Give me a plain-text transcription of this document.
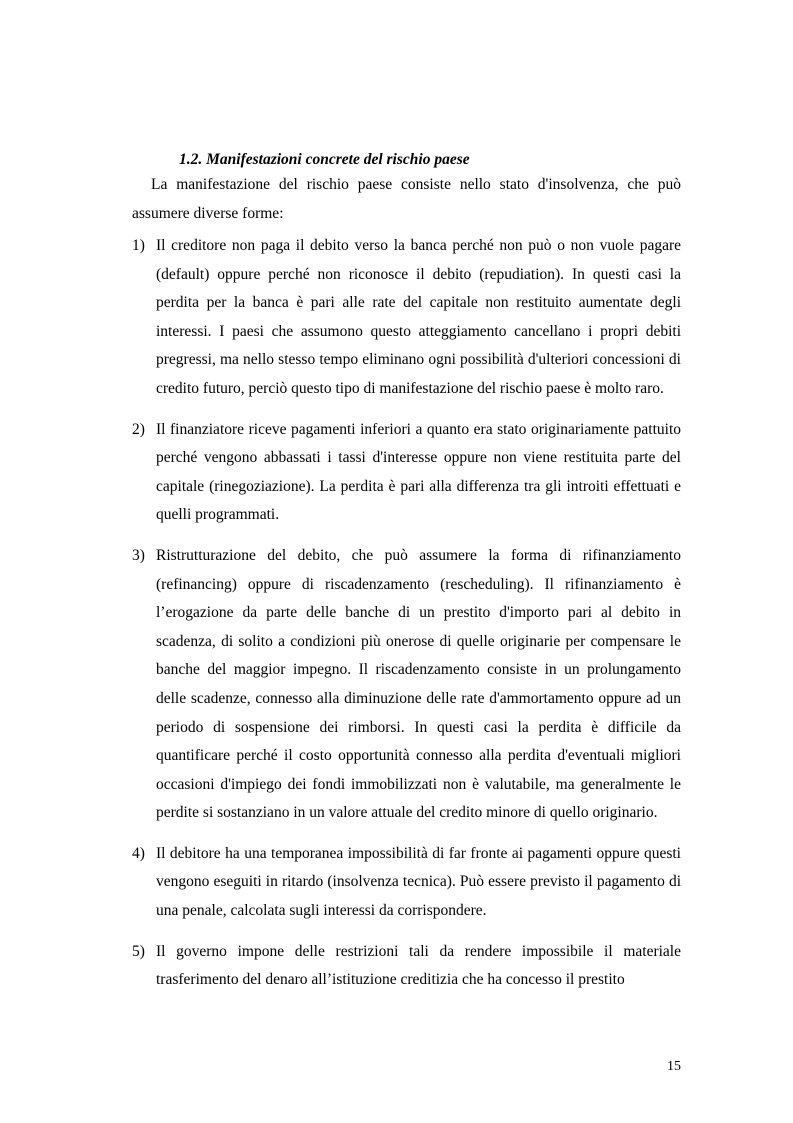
1.2. Manifestazioni concrete del rischio paese

La manifestazione del rischio paese consiste nello stato d'insolvenza, che può assumere diverse forme:

1) Il creditore non paga il debito verso la banca perché non può o non vuole pagare (default) oppure perché non riconosce il debito (repudiation). In questi casi la perdita per la banca è pari alle rate del capitale non restituito aumentate degli interessi. I paesi che assumono questo atteggiamento cancellano i propri debiti pregressi, ma nello stesso tempo eliminano ogni possibilità d'ulteriori concessioni di credito futuro, perciò questo tipo di manifestazione del rischio paese è molto raro.
2) Il finanziatore riceve pagamenti inferiori a quanto era stato originariamente pattuito perché vengono abbassati i tassi d'interesse oppure non viene restituita parte del capitale (rinegoziazione). La perdita è pari alla differenza tra gli introiti effettuati e quelli programmati.
3) Ristrutturazione del debito, che può assumere la forma di rifinanziamento (refinancing) oppure di riscadenzamento (rescheduling). Il rifinanziamento è l’erogazione da parte delle banche di un prestito d'importo pari al debito in scadenza, di solito a condizioni più onerose di quelle originarie per compensare le banche del maggior impegno. Il riscadenzamento consiste in un prolungamento delle scadenze, connesso alla diminuzione delle rate d'ammortamento oppure ad un periodo di sospensione dei rimborsi. In questi casi la perdita è difficile da quantificare perché il costo opportunità connesso alla perdita d'eventuali migliori occasioni d'impiego dei fondi immobilizzati non è valutabile, ma generalmente le perdite si sostanziano in un valore attuale del credito minore di quello originario.
4) Il debitore ha una temporanea impossibilità di far fronte ai pagamenti oppure questi vengono eseguiti in ritardo (insolvenza tecnica). Può essere previsto il pagamento di una penale, calcolata sugli interessi da corrispondere.
5) Il governo impone delle restrizioni tali da rendere impossibile il materiale trasferimento del denaro all’istituzione creditizia che ha concesso il prestito
15
